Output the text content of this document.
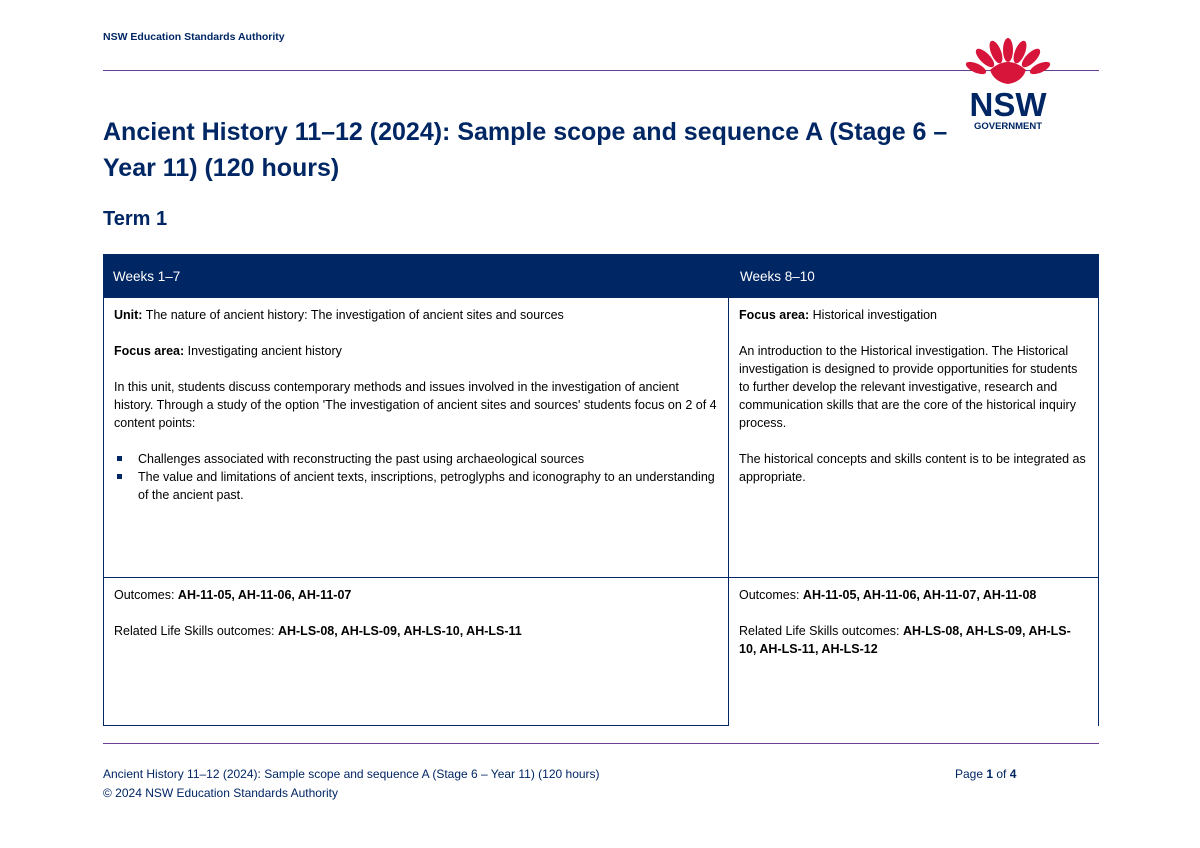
NSW Education Standards Authority
NSW
GOVERNMENT
Ancient History 11–12 (2024): Sample scope and sequence A (Stage 6 – Year 11) (120 hours)
Term 1
Weeks 1–7	Weeks 8–10

Unit: The nature of ancient history: The investigation of ancient sites and sources

Focus area: Investigating ancient history

In this unit, students discuss contemporary methods and issues involved in the investigation of ancient history. Through a study of the option 'The investigation of ancient sites and sources' students focus on 2 of 4 content points:

Challenges associated with reconstructing the past using archaeological sources
The value and limitations of ancient texts, inscriptions, petroglyphs and iconography to an understanding of the ancient past.

Focus area: Historical investigation

An introduction to the Historical investigation. The Historical investigation is designed to provide opportunities for students to further develop the relevant investigative, research and communication skills that are the core of the historical inquiry process.

The historical concepts and skills content is to be integrated as appropriate.

Outcomes: AH-11-05, AH-11-06, AH-11-07

Related Life Skills outcomes: AH-LS-08, AH-LS-09, AH-LS-10, AH-LS-11

Outcomes: AH-11-05, AH-11-06, AH-11-07, AH-11-08

Related Life Skills outcomes: AH-LS-08, AH-LS-09, AH-LS-10, AH-LS-11, AH-LS-12

Ancient History 11–12 (2024): Sample scope and sequence A (Stage 6 – Year 11) (120 hours)
© 2024 NSW Education Standards Authority
Page 1 of 4
